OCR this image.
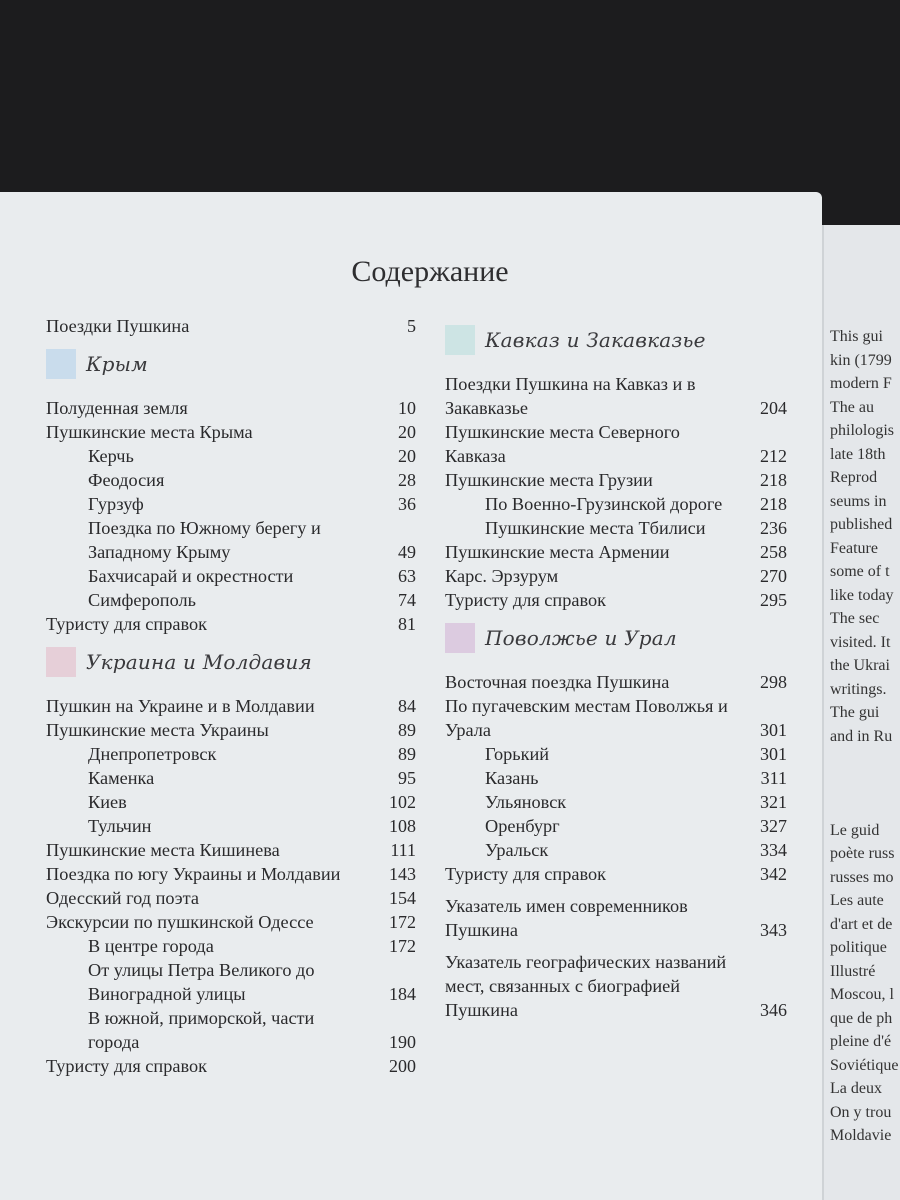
This gui
kin (1799
modern F
The au
philologis
late 18th
Reprod
seums in
published
Feature
some of t
like today
The sec
visited. It
the Ukrai
writings.
The gui
and in Ru

Le guid
poète russ
russes mo
Les aute
d'art et de
politique
Illustré
Moscou, l
que de ph
pleine d'é
Soviétique
La deux
On y trou
Moldavie
Содержание
Поездки Пушкина	5
Крым
Полуденная земля	10
Пушкинские места Крыма	20
Керчь	20
Феодосия	28
Гурзуф	36
Поездка по Южному берегу и Западному Крыму	49
Бахчисарай и окрестности	63
Симферополь	74
Туристу для справок	81
Украина и Молдавия
Пушкин на Украине и в Молдавии	84
Пушкинские места Украины	89
Днепропетровск	89
Каменка	95
Киев	102
Тульчин	108
Пушкинские места Кишинева	111
Поездка по югу Украины и Молдавии	143
Одесский год поэта	154
Экскурсии по пушкинской Одессе	172
В центре города	172
От улицы Петра Великого до Виноградной улицы	184
В южной, приморской, части города	190
Туристу для справок	200
Кавказ и Закавказье
Поездки Пушкина на Кавказ и в Закавказье	204
Пушкинские места Северного Кавказа	212
Пушкинские места Грузии	218
По Военно-Грузинской дороге	218
Пушкинские места Тбилиси	236
Пушкинские места Армении	258
Карс. Эрзурум	270
Туристу для справок	295
Поволжье и Урал
Восточная поездка Пушкина	298
По пугачевским местам Поволжья и Урала	301
Горький	301
Казань	311
Ульяновск	321
Оренбург	327
Уральск	334
Туристу для справок	342
Указатель имен современников Пушкина	343
Указатель географических названий мест, связанных с биографией Пушкина	346
